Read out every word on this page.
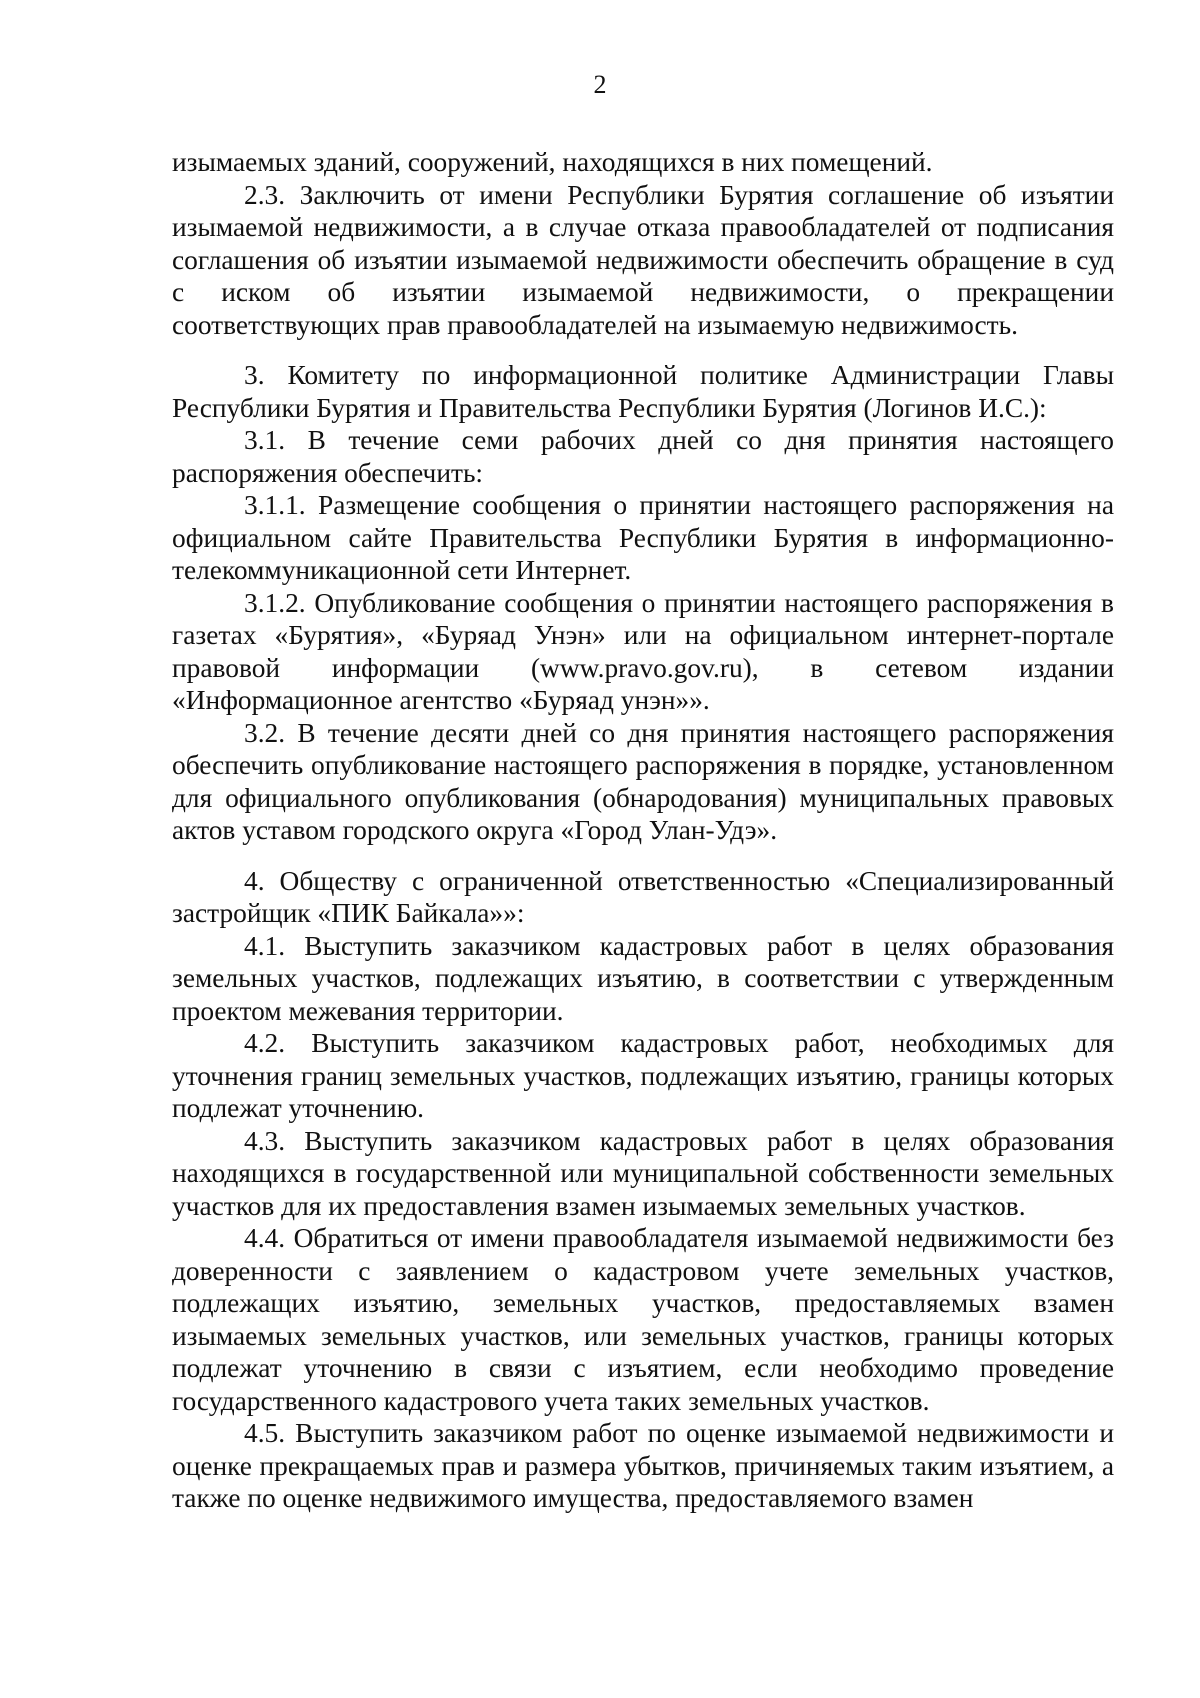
2

изымаемых зданий, сооружений, находящихся в них помещений.

2.3. Заключить от имени Республики Бурятия соглашение об изъятии изымаемой недвижимости, а в случае отказа правообладателей от подписания соглашения об изъятии изымаемой недвижимости обеспечить обращение в суд с иском об изъятии изымаемой недвижимости, о прекращении соответствующих прав правообладателей на изымаемую недвижимость.

3. Комитету по информационной политике Администрации Главы Республики Бурятия и Правительства Республики Бурятия (Логинов И.С.):

3.1. В течение семи рабочих дней со дня принятия настоящего распоряжения обеспечить:

3.1.1. Размещение сообщения о принятии настоящего распоряжения на официальном сайте Правительства Республики Бурятия в информационно-телекоммуникационной сети Интернет.

3.1.2. Опубликование сообщения о принятии настоящего распоряжения в газетах «Бурятия», «Буряад Унэн» или на официальном интернет-портале правовой информации (www.pravo.gov.ru), в сетевом издании «Информационное агентство «Буряад унэн»».

3.2. В течение десяти дней со дня принятия настоящего распоряжения обеспечить опубликование настоящего распоряжения в порядке, установленном для официального опубликования (обнародования) муниципальных правовых актов уставом городского округа «Город Улан-Удэ».

4. Обществу с ограниченной ответственностью «Специализированный застройщик «ПИК Байкала»»:

4.1. Выступить заказчиком кадастровых работ в целях образования земельных участков, подлежащих изъятию, в соответствии с утвержденным проектом межевания территории.

4.2. Выступить заказчиком кадастровых работ, необходимых для уточнения границ земельных участков, подлежащих изъятию, границы которых подлежат уточнению.

4.3. Выступить заказчиком кадастровых работ в целях образования находящихся в государственной или муниципальной собственности земельных участков для их предоставления взамен изымаемых земельных участков.

4.4. Обратиться от имени правообладателя изымаемой недвижимости без доверенности с заявлением о кадастровом учете земельных участков, подлежащих изъятию, земельных участков, предоставляемых взамен изымаемых земельных участков, или земельных участков, границы которых подлежат уточнению в связи с изъятием, если необходимо проведение государственного кадастрового учета таких земельных участков.

4.5. Выступить заказчиком работ по оценке изымаемой недвижимости и оценке прекращаемых прав и размера убытков, причиняемых таким изъятием, а также по оценке недвижимого имущества, предоставляемого взамен
